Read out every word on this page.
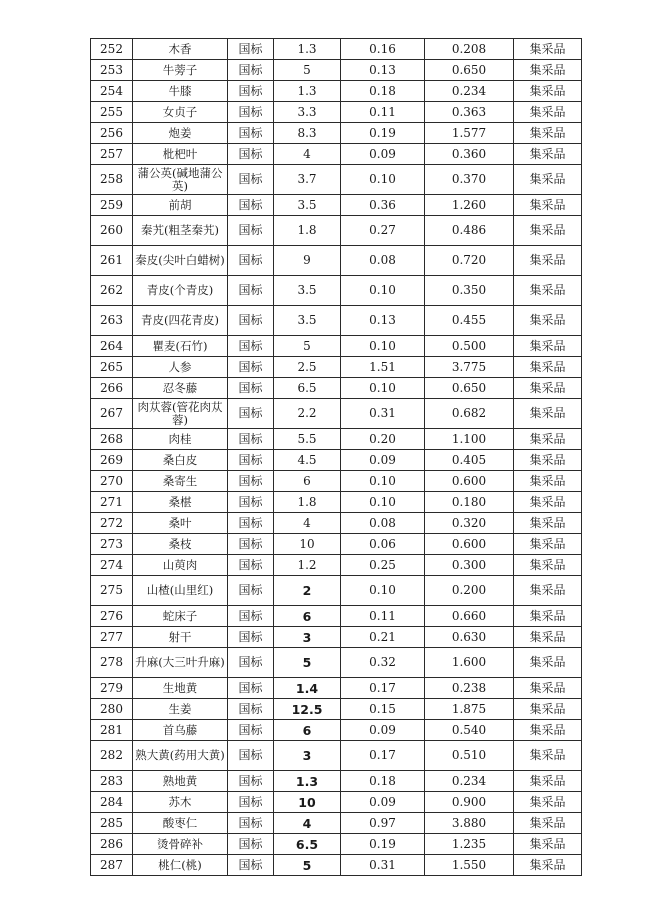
252	木香	国标	1.3	0.16	0.208	集采品
253	牛蒡子	国标	5	0.13	0.650	集采品
254	牛膝	国标	1.3	0.18	0.234	集采品
255	女贞子	国标	3.3	0.11	0.363	集采品
256	炮姜	国标	8.3	0.19	1.577	集采品
257	枇杷叶	国标	4	0.09	0.360	集采品
258	蒲公英(碱地蒲公英)	国标	3.7	0.10	0.370	集采品
259	前胡	国标	3.5	0.36	1.260	集采品
260	秦艽(粗茎秦艽)	国标	1.8	0.27	0.486	集采品
261	秦皮(尖叶白蜡树)	国标	9	0.08	0.720	集采品
262	青皮(个青皮)	国标	3.5	0.10	0.350	集采品
263	青皮(四花青皮)	国标	3.5	0.13	0.455	集采品
264	瞿麦(石竹)	国标	5	0.10	0.500	集采品
265	人参	国标	2.5	1.51	3.775	集采品
266	忍冬藤	国标	6.5	0.10	0.650	集采品
267	肉苁蓉(管花肉苁蓉)	国标	2.2	0.31	0.682	集采品
268	肉桂	国标	5.5	0.20	1.100	集采品
269	桑白皮	国标	4.5	0.09	0.405	集采品
270	桑寄生	国标	6	0.10	0.600	集采品
271	桑椹	国标	1.8	0.10	0.180	集采品
272	桑叶	国标	4	0.08	0.320	集采品
273	桑枝	国标	10	0.06	0.600	集采品
274	山萸肉	国标	1.2	0.25	0.300	集采品
275	山楂(山里红)	国标	2	0.10	0.200	集采品
276	蛇床子	国标	6	0.11	0.660	集采品
277	射干	国标	3	0.21	0.630	集采品
278	升麻(大三叶升麻)	国标	5	0.32	1.600	集采品
279	生地黄	国标	1.4	0.17	0.238	集采品
280	生姜	国标	12.5	0.15	1.875	集采品
281	首乌藤	国标	6	0.09	0.540	集采品
282	熟大黄(药用大黄)	国标	3	0.17	0.510	集采品
283	熟地黄	国标	1.3	0.18	0.234	集采品
284	苏木	国标	10	0.09	0.900	集采品
285	酸枣仁	国标	4	0.97	3.880	集采品
286	烫骨碎补	国标	6.5	0.19	1.235	集采品
287	桃仁(桃)	国标	5	0.31	1.550	集采品
